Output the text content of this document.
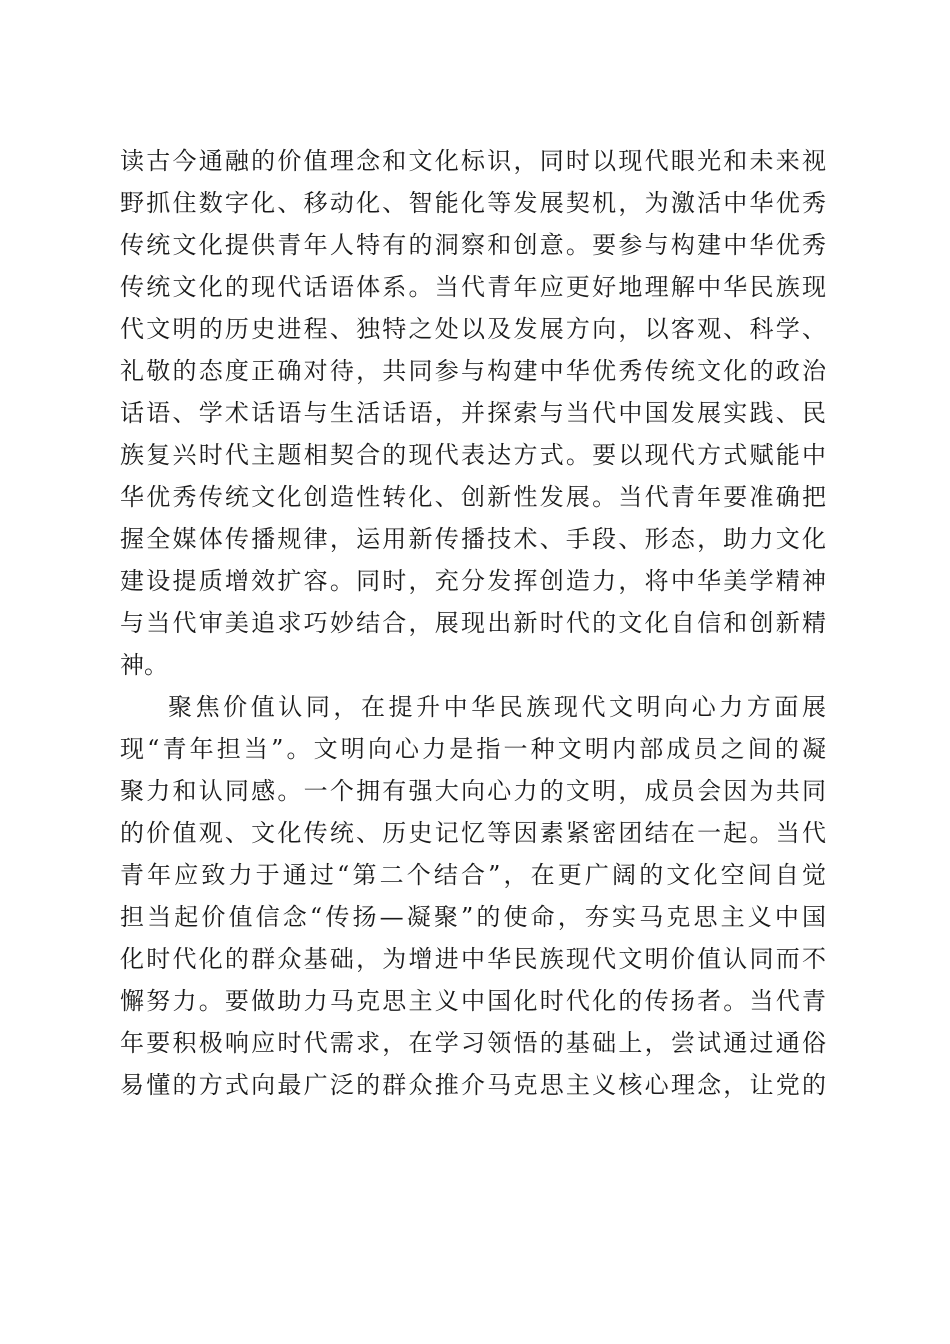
读古今通融的价值理念和文化标识，同时以现代眼光和未来视
野抓住数字化、移动化、智能化等发展契机，为激活中华优秀
传统文化提供青年人特有的洞察和创意。要参与构建中华优秀
传统文化的现代话语体系。当代青年应更好地理解中华民族现
代文明的历史进程、独特之处以及发展方向，以客观、科学、
礼敬的态度正确对待，共同参与构建中华优秀传统文化的政治
话语、学术话语与生活话语，并探索与当代中国发展实践、民
族复兴时代主题相契合的现代表达方式。要以现代方式赋能中
华优秀传统文化创造性转化、创新性发展。当代青年要准确把
握全媒体传播规律，运用新传播技术、手段、形态，助力文化
建设提质增效扩容。同时，充分发挥创造力，将中华美学精神
与当代审美追求巧妙结合，展现出新时代的文化自信和创新精
神。
聚焦价值认同，在提升中华民族现代文明向心力方面展
现“青年担当”。文明向心力是指一种文明内部成员之间的凝
聚力和认同感。一个拥有强大向心力的文明，成员会因为共同
的价值观、文化传统、历史记忆等因素紧密团结在一起。当代
青年应致力于通过“第二个结合”，在更广阔的文化空间自觉
担当起价值信念“传扬—凝聚”的使命，夯实马克思主义中国
化时代化的群众基础，为增进中华民族现代文明价值认同而不
懈努力。要做助力马克思主义中国化时代化的传扬者。当代青
年要积极响应时代需求，在学习领悟的基础上，尝试通过通俗
易懂的方式向最广泛的群众推介马克思主义核心理念，让党的
